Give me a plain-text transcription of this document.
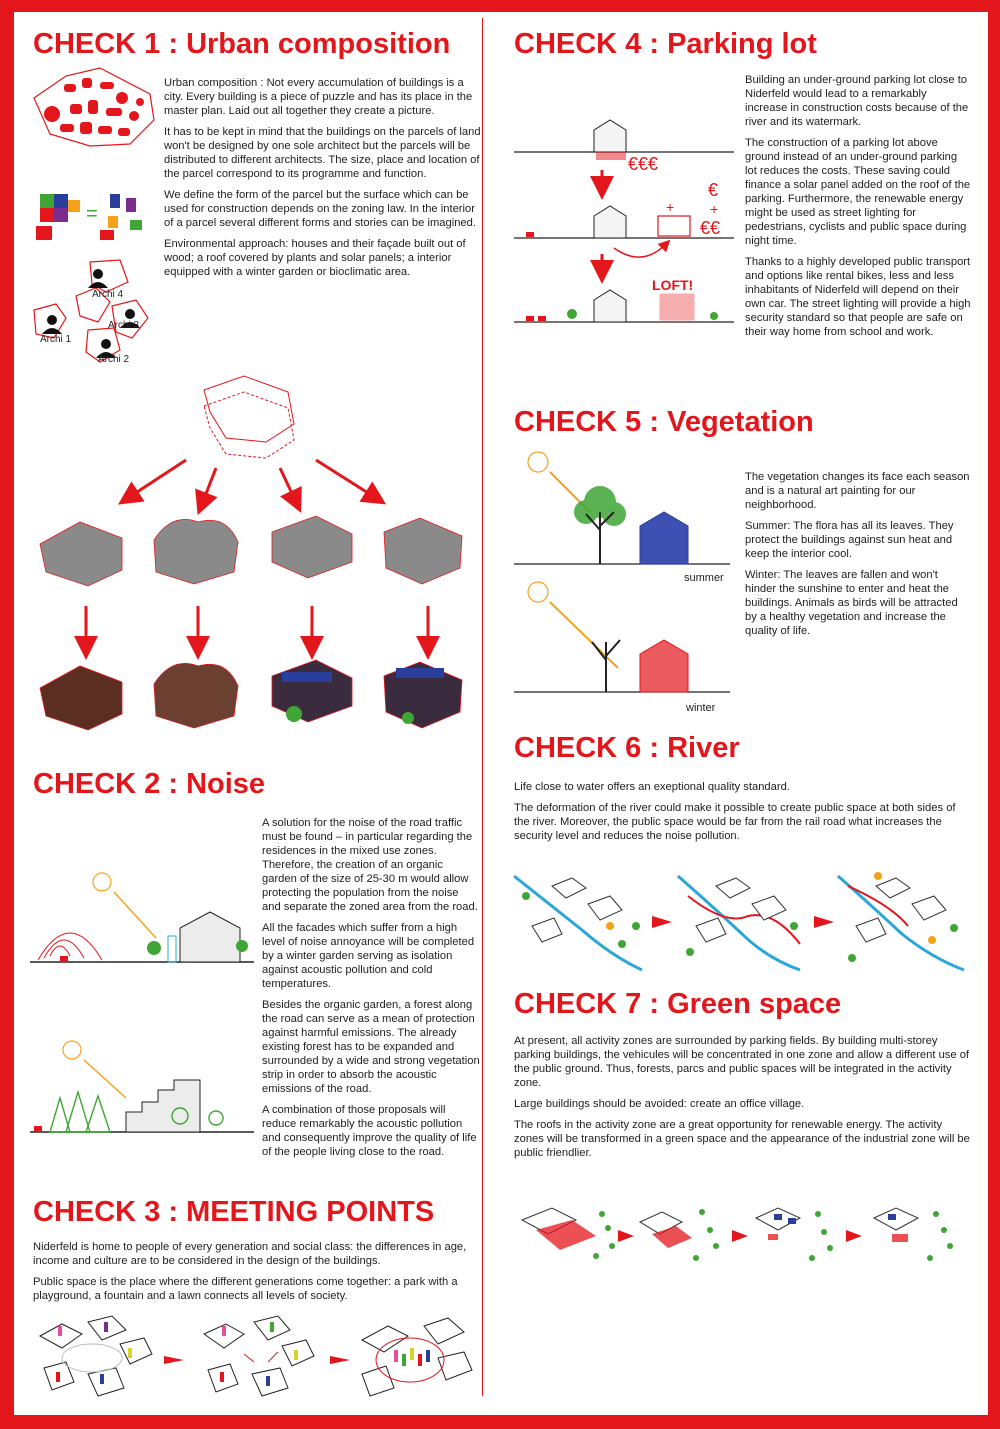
CHECK 1 : Urban composition

Urban composition : Not every accumulation of buildings is a city. Every building is a piece of puzzle and has its place in the master plan. Laid out all together they create a picture.

It has to be kept in mind that the buildings on the parcels of land won't be designed by one sole architect but the parcels will be distributed to different architects. The size, place and location of the parcel correspond to its programme and function.

We define the form of the parcel but the surface which can be used for construction depends on the zoning law. In the interior of a parcel several different forms and stories can be imagined.

Environmental approach: houses and their façade built out of wood; a roof covered by plants and solar panels; a interior equipped with a winter garden or bioclimatic area.

=
Archi 1
Archi 2
Archi 3
Archi 4
CHECK 2 : Noise

A solution for the noise of the road traffic must be found – in particular regarding the residences in the mixed use zones. Therefore, the creation of an organic garden of the size of 25-30 m would allow protecting the population from the noise and separate the zoned area from the road.

All the facades which suffer from a high level of noise annoyance will be completed by a winter garden serving as isolation against acoustic pollution and cold temperatures.

Besides the organic garden, a forest along the road can serve as a mean of protection against harmful emissions. The already existing forest has to be expanded and surrounded by a wide and strong vegetation strip in order to absorb the acoustic emissions of the road.

A combination of those proposals will reduce remarkably the acoustic pollution and consequently improve the quality of life of the people living close to the road.

CHECK 3 : MEETING POINTS

Niderfeld is home to people of every generation and social class: the differences in age, income and culture are to be considered in the design of the buildings.

Public space is the place where the different generations come together: a park with a playground, a fountain and a lawn connects all levels of society.

CHECK 4 : Parking lot

Building an under-ground parking lot close to Niderfeld would lead to a remarkably increase in construction costs because of the river and its watermark.

The construction of a parking lot above ground instead of an under-ground parking lot reduces the costs. These saving could finance a solar panel added on the roof of the parking. Furthermore, the renewable energy might be used as street lighting for pedestrians, cyclists and public space during night time.

Thanks to a highly developed public transport and options like rental bikes, less and less inhabitants of Niderfeld will depend on their own car. The street lighting will provide a high security standard so that people are safe on their way home from school and work.

€€€
€€
€
+
+
LOFT!
CHECK 5 : Vegetation

The vegetation changes its face each season and is a natural art painting for our neighborhood.

Summer: The flora has all its leaves. They protect the buildings against sun heat and keep the interior cool.

Winter: The leaves are fallen and won't hinder the sunshine to enter and heat the buildings. Animals as birds will be attracted by a healthy vegetation and increase the quality of life.

summer
winter
CHECK 6 : River

Life close to water offers an exeptional quality standard.

The deformation of the river could make it possible to create public space at both sides of the river. Moreover, the public space would be far from the rail road what increases the security level and reduces the noise pollution.

CHECK 7 : Green space

At present, all activity zones are surrounded by parking fields. By building multi-storey parking buildings, the vehicules will be concentrated in one zone and allow a different use of the public ground. Thus, forests, parcs and public spaces will be integrated in the activity zone.

Large buildings should be avoided: create an office village.

The roofs in the activity zone are a great opportunity for renewable energy. The activity zones will be transformed in a green space and the appearance of the industrial zone will be public friendlier.
